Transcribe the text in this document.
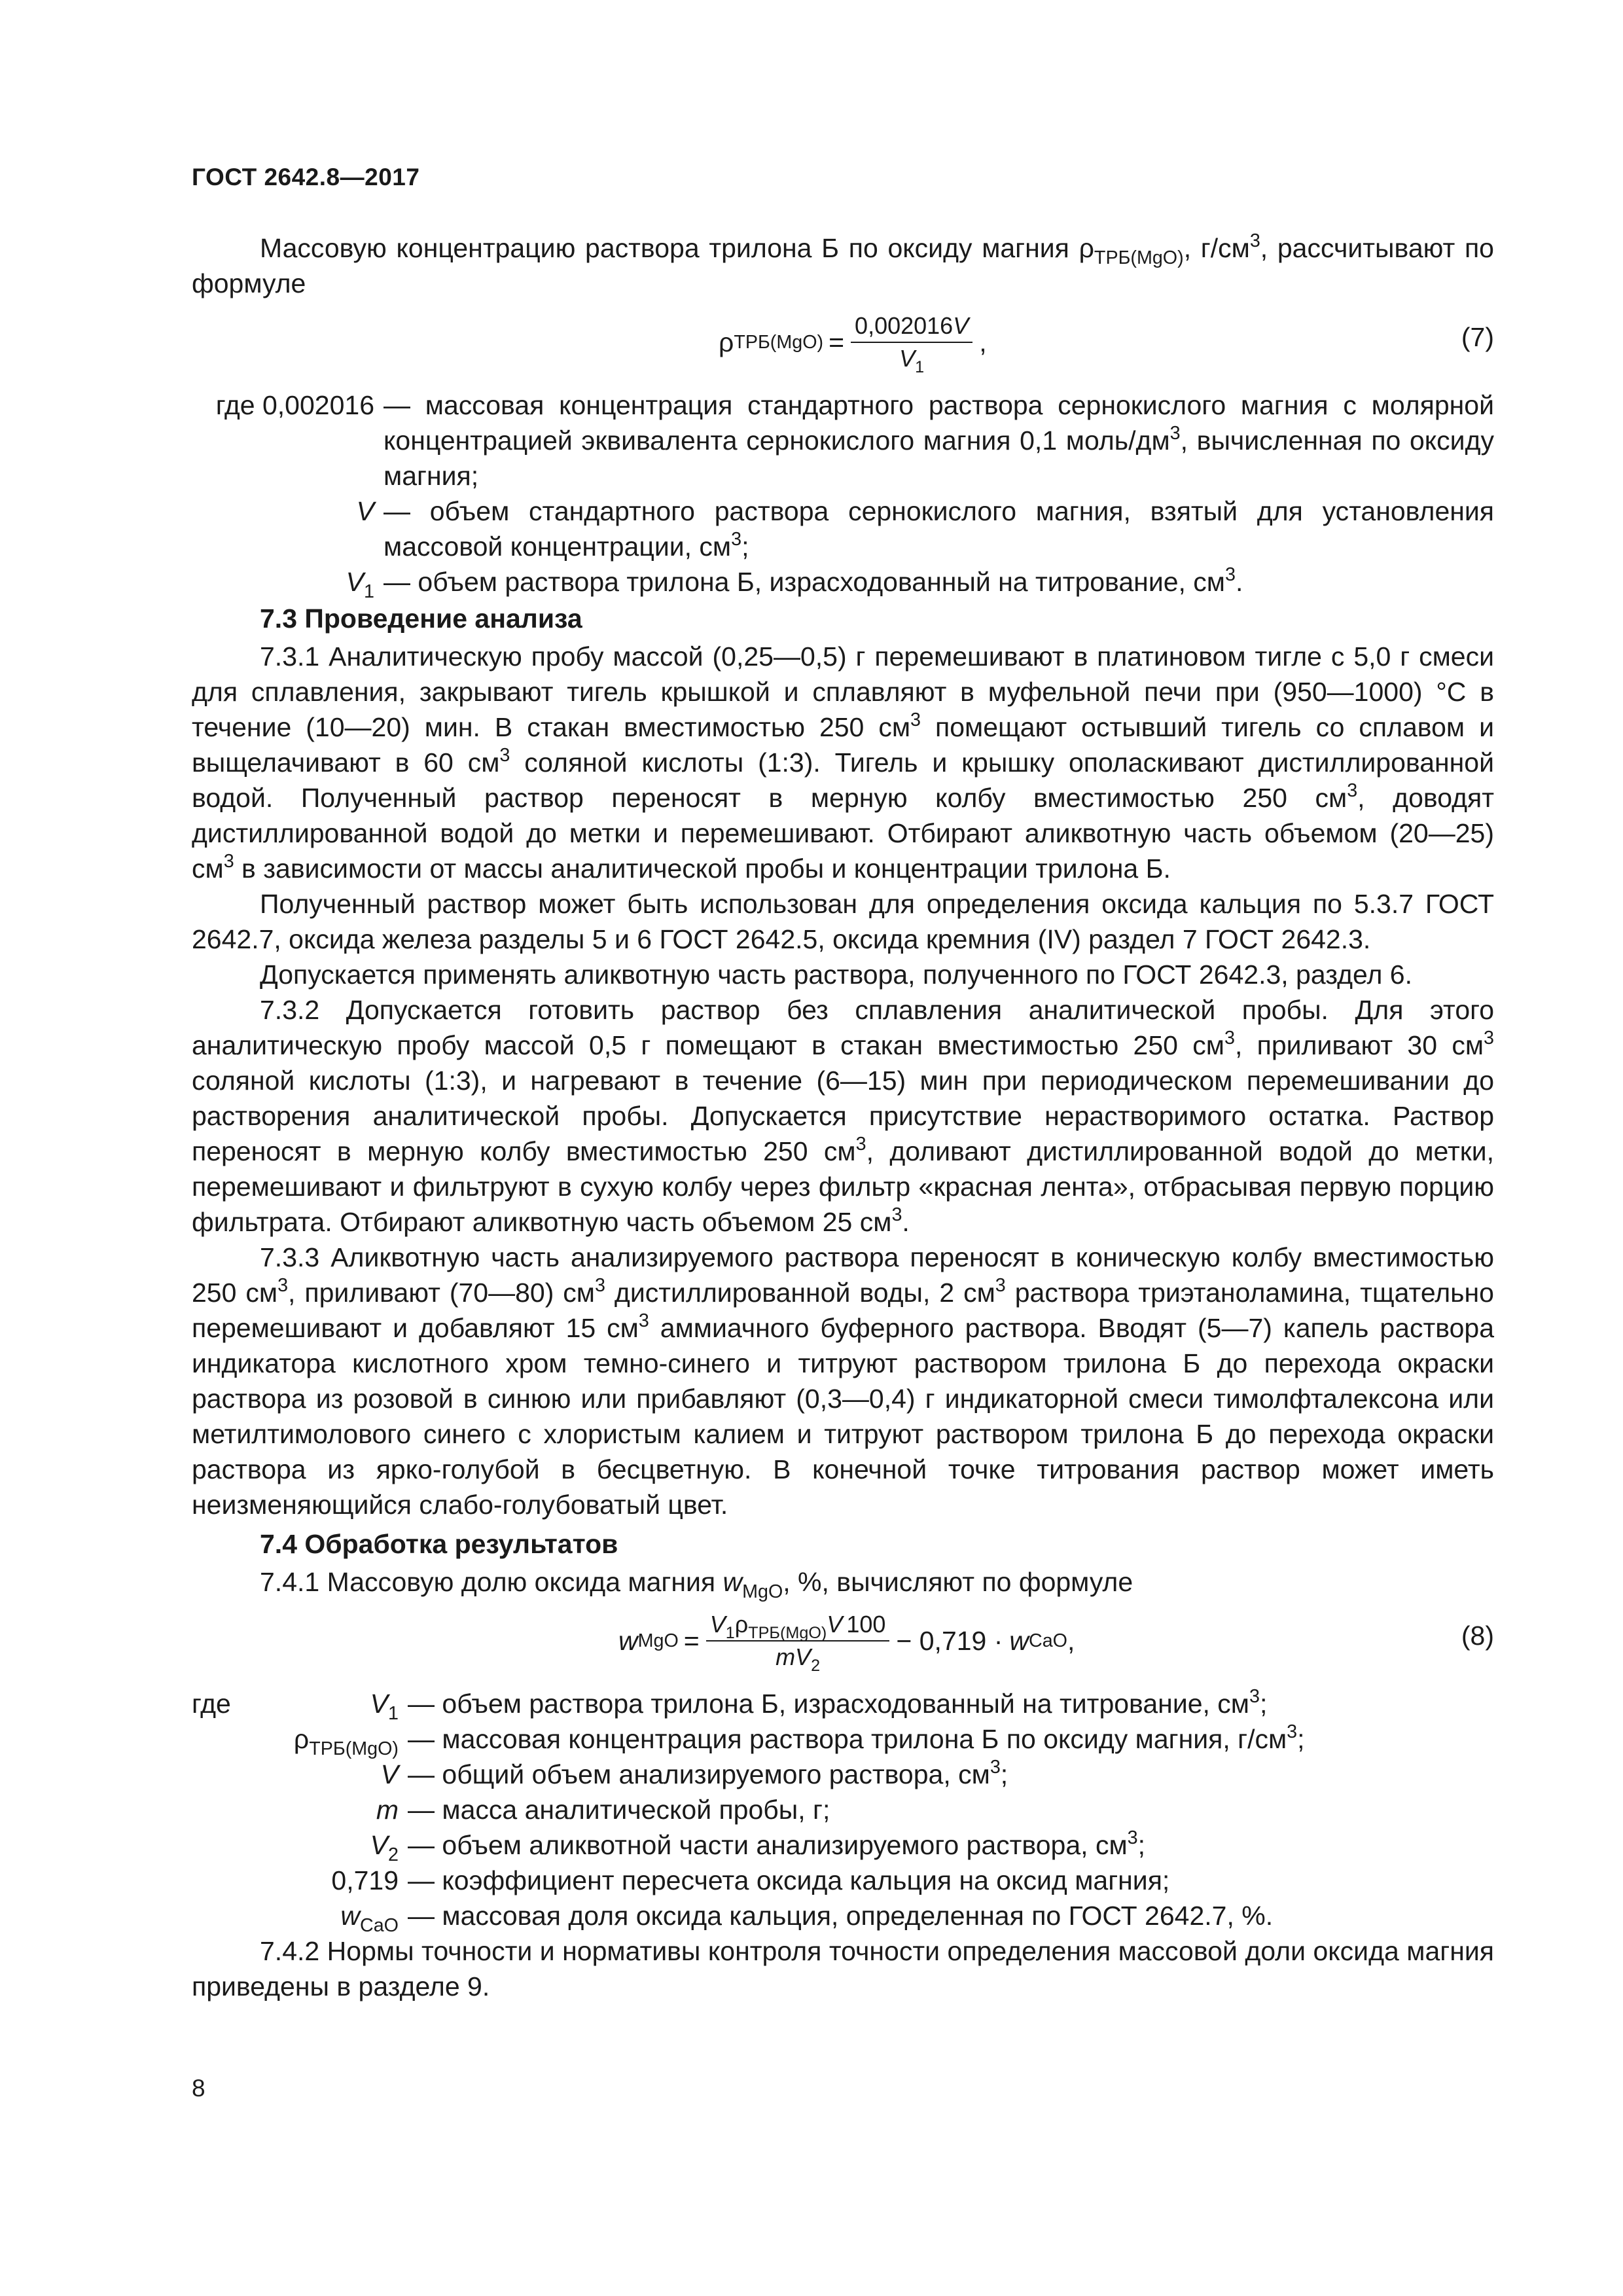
ГОСТ 2642.8—2017

Массовую концентрацию раствора трилона Б по оксиду магния $\rho_{ТРБ(MgO)}$, $г/см^3$, рассчитывают по формуле

ρ $ТРБ(MgO) = \frac{0,002016V}{V_1}$ ,	(7)
где 0,002016 — массовая концентрация стандартного раствора сернокислого магния с молярной концентрацией эквивалента сернокислого магния 0,1 моль/$дм^3$, вычисленная по оксиду магния;
V — объем стандартного раствора сернокислого магния, взятый для установления массовой концентрации, $см^3$;
$V_1$ — объем раствора трилона Б, израсходованный на титрование, $см^3$.

7.3 Проведение анализа

7.3.1 Аналитическую пробу массой (0,25—0,5) г перемешивают в платиновом тигле с 5,0 г смеси для сплавления, закрывают тигель крышкой и сплавляют в муфельной печи при (950—1000) °С в течение (10—20) мин. В стакан вместимостью 250 $см^3$ помещают остывший тигель со сплавом и выщелачивают в 60 $см^3$ соляной кислоты (1:3). Тигель и крышку ополаскивают дистиллированной водой. Полученный раствор переносят в мерную колбу вместимостью 250 $см^3$, доводят дистиллированной водой до метки и перемешивают. Отбирают аликвотную часть объемом (20—25) $см^3$ в зависимости от массы аналитической пробы и концентрации трилона Б.

Полученный раствор может быть использован для определения оксида кальция по 5.3.7 ГОСТ 2642.7, оксида железа разделы 5 и 6 ГОСТ 2642.5, оксида кремния (IV) раздел 7 ГОСТ 2642.3.

Допускается применять аликвотную часть раствора, полученного по ГОСТ 2642.3, раздел 6.

7.3.2 Допускается готовить раствор без сплавления аналитической пробы. Для этого аналитическую пробу массой 0,5 г помещают в стакан вместимостью 250 $см^3$, приливают 30 $см^3$ соляной кислоты (1:3), и нагревают в течение (6—15) мин при периодическом перемешивании до растворения аналитической пробы. Допускается присутствие нерастворимого остатка. Раствор переносят в мерную колбу вместимостью 250 $см^3$, доливают дистиллированной водой до метки, перемешивают и фильтруют в сухую колбу через фильтр «красная лента», отбрасывая первую порцию фильтрата. Отбирают аликвотную часть объемом 25 $см^3$.

7.3.3 Аликвотную часть анализируемого раствора переносят в коническую колбу вместимостью 250 $см^3$, приливают (70—80) $см^3$ дистиллированной воды, 2 $см^3$ раствора триэтаноламина, тщательно перемешивают и добавляют 15 $см^3$ аммиачного буферного раствора. Вводят (5—7) капель раствора индикатора кислотного хром темно-синего и титруют раствором трилона Б до перехода окраски раствора из розовой в синюю или прибавляют (0,3—0,4) г индикаторной смеси тимолфталексона или метилтимолового синего с хлористым калием и титруют раствором трилона Б до перехода окраски раствора из ярко-голубой в бесцветную. В конечной точке титрования раствор может иметь неизменяющийся слабо-голубоватый цвет.

7.4 Обработка результатов

7.4.1 Массовую долю оксида магния $w_{MgO}$, %, вычисляют по формуле

w MgO = $\frac{V_1\rho_{ТРБ(MgO)}V 100}{mV_2} - 0,719 \cdot w$ CaO ,	(8)
где	$V_1$ — объем раствора трилона Б, израсходованный на титрование, $см^3$;
$\rho_{ТРБ(MgO)}$ — массовая концентрация раствора трилона Б по оксиду магния, $г/см^3$;
V — общий объем анализируемого раствора, $см^3$;
m — масса аналитической пробы, г;
$V_2$ — объем аликвотной части анализируемого раствора, $см^3$;
0,719 — коэффициент пересчета оксида кальция на оксид магния;
$w_{CaO}$ — массовая доля оксида кальция, определенная по ГОСТ 2642.7, %.

7.4.2 Нормы точности и нормативы контроля точности определения массовой доли оксида магния приведены в разделе 9.

8
